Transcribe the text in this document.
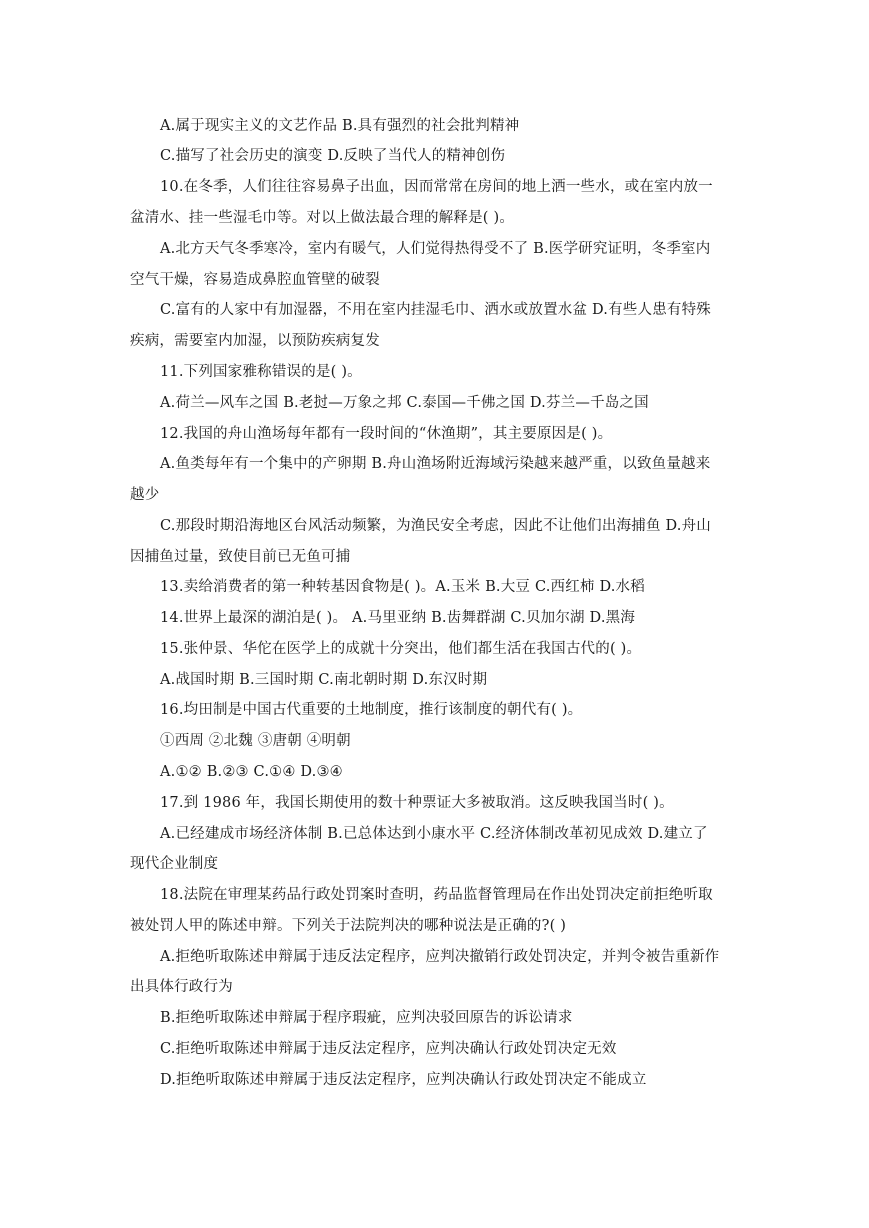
A.属于现实主义的文艺作品 B.具有强烈的社会批判精神
C.描写了社会历史的演变 D.反映了当代人的精神创伤
10.在冬季，人们往往容易鼻子出血，因而常常在房间的地上洒一些水，或在室内放一
盆清水、挂一些湿毛巾等。对以上做法最合理的解释是( )。
A.北方天气冬季寒冷，室内有暖气，人们觉得热得受不了 B.医学研究证明，冬季室内
空气干燥，容易造成鼻腔血管壁的破裂
C.富有的人家中有加湿器，不用在室内挂湿毛巾、洒水或放置水盆 D.有些人患有特殊
疾病，需要室内加湿，以预防疾病复发
11.下列国家雅称错误的是( )。
A.荷兰—风车之国 B.老挝—万象之邦 C.泰国—千佛之国 D.芬兰—千岛之国
12.我国的舟山渔场每年都有一段时间的“休渔期”，其主要原因是( )。
A.鱼类每年有一个集中的产卵期 B.舟山渔场附近海域污染越来越严重，以致鱼量越来
越少
C.那段时期沿海地区台风活动频繁，为渔民安全考虑，因此不让他们出海捕鱼 D.舟山
因捕鱼过量，致使目前已无鱼可捕
13.卖给消费者的第一种转基因食物是( )。A.玉米 B.大豆 C.西红柿 D.水稻
14.世界上最深的湖泊是( )。 A.马里亚纳 B.齿舞群湖 C.贝加尔湖 D.黑海
15.张仲景、华佗在医学上的成就十分突出，他们都生活在我国古代的( )。
A.战国时期 B.三国时期 C.南北朝时期 D.东汉时期
16.均田制是中国古代重要的土地制度，推行该制度的朝代有( )。
①西周 ②北魏 ③唐朝 ④明朝
A.①② B.②③ C.①④ D.③④
17.到 1986 年，我国长期使用的数十种票证大多被取消。这反映我国当时( )。
A.已经建成市场经济体制 B.已总体达到小康水平 C.经济体制改革初见成效 D.建立了
现代企业制度
18.法院在审理某药品行政处罚案时查明，药品监督管理局在作出处罚决定前拒绝听取
被处罚人甲的陈述申辩。下列关于法院判决的哪种说法是正确的?( )
A.拒绝听取陈述申辩属于违反法定程序，应判决撤销行政处罚决定，并判令被告重新作
出具体行政行为
B.拒绝听取陈述申辩属于程序瑕疵，应判决驳回原告的诉讼请求
C.拒绝听取陈述申辩属于违反法定程序，应判决确认行政处罚决定无效
D.拒绝听取陈述申辩属于违反法定程序，应判决确认行政处罚决定不能成立
